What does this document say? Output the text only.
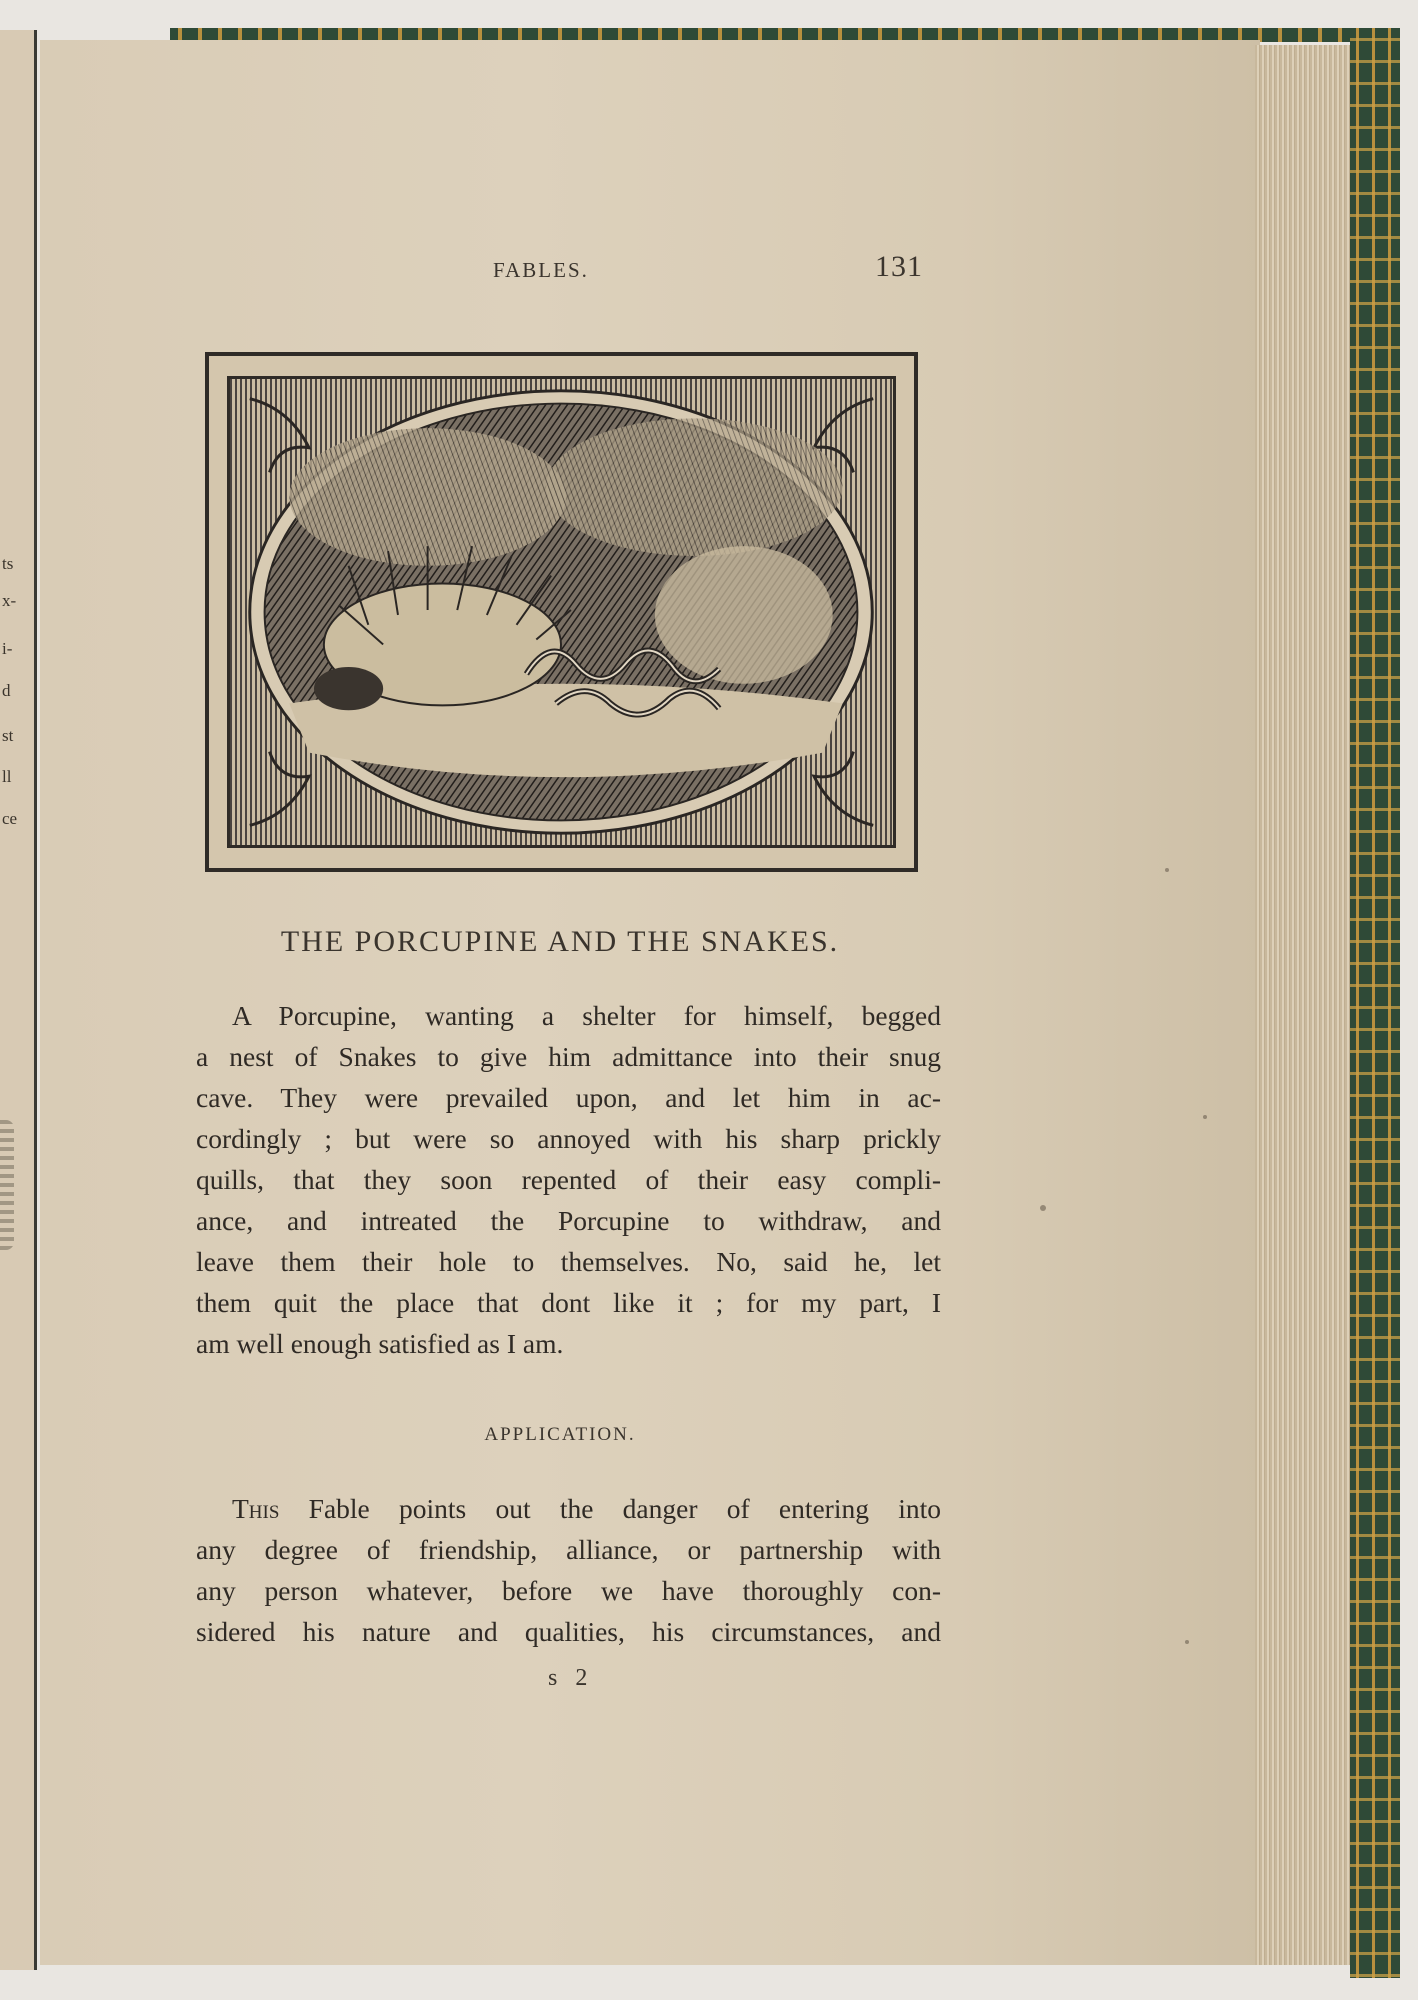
ts
x-
i-
d
st
ll
ce
FABLES.	131
THE PORCUPINE AND THE SNAKES.
A Porcupine, wanting a shelter for himself, begged
a nest of Snakes to give him admittance into their snug
cave. They were prevailed upon, and let him in ac-
cordingly ; but were so annoyed with his sharp prickly
quills, that they soon repented of their easy compli-
ance, and intreated the Porcupine to withdraw, and
leave them their hole to themselves. No, said he, let
them quit the place that dont like it ; for my part, I
am well enough satisfied as I am.
APPLICATION.
This Fable points out the danger of entering into
any degree of friendship, alliance, or partnership with
any person whatever, before we have thoroughly con-
sidered his nature and qualities, his circumstances, and
s 2
